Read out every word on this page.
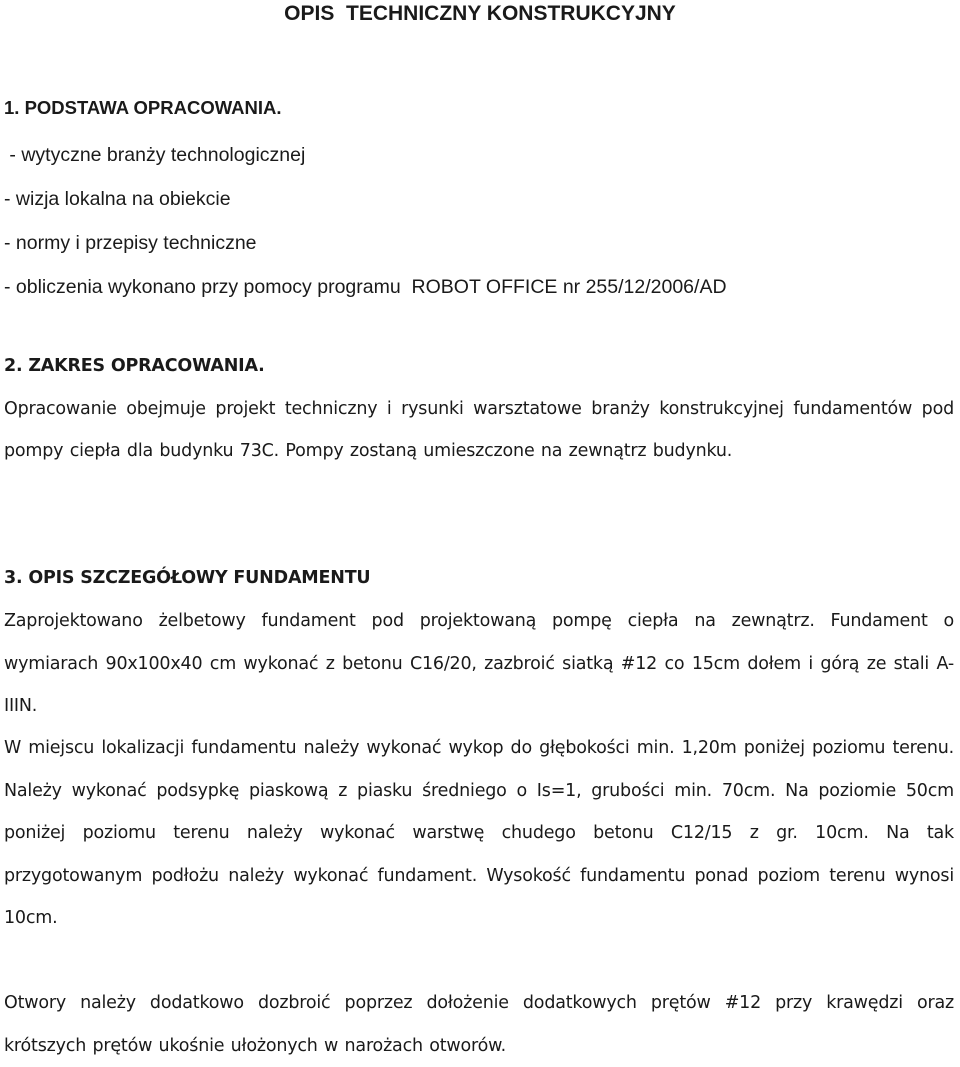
OPIS  TECHNICZNY KONSTRUKCYJNY
1. PODSTAWA OPRACOWANIA.
- wytyczne branży technologicznej
- wizja lokalna na obiekcie
- normy i przepisy techniczne
- obliczenia wykonano przy pomocy programu  ROBOT OFFICE nr 255/12/2006/AD
2. ZAKRES OPRACOWANIA.

Opracowanie obejmuje projekt techniczny i rysunki warsztatowe branży konstrukcyjnej fundamentów pod pompy ciepła dla budynku 73C. Pompy zostaną umieszczone na zewnątrz budynku.

3. OPIS SZCZEGÓŁOWY FUNDAMENTU

Zaprojektowano żelbetowy fundament pod projektowaną pompę ciepła na zewnątrz. Fundament o wymiarach 90x100x40 cm wykonać z betonu C16/20, zazbroić siatką #12 co 15cm dołem i górą ze stali A-IIIN.

W miejscu lokalizacji fundamentu należy wykonać wykop do głębokości min. 1,20m poniżej poziomu terenu. Należy wykonać podsypkę piaskową z piasku średniego o Is=1, grubości min. 70cm. Na poziomie 50cm poniżej poziomu terenu należy wykonać warstwę chudego betonu C12/15 z gr. 10cm. Na tak przygotowanym podłożu należy wykonać fundament. Wysokość fundamentu ponad poziom terenu wynosi 10cm.

Otwory należy dodatkowo dozbroić poprzez dołożenie dodatkowych prętów #12 przy krawędzi oraz krótszych prętów ukośnie ułożonych w narożach otworów.
